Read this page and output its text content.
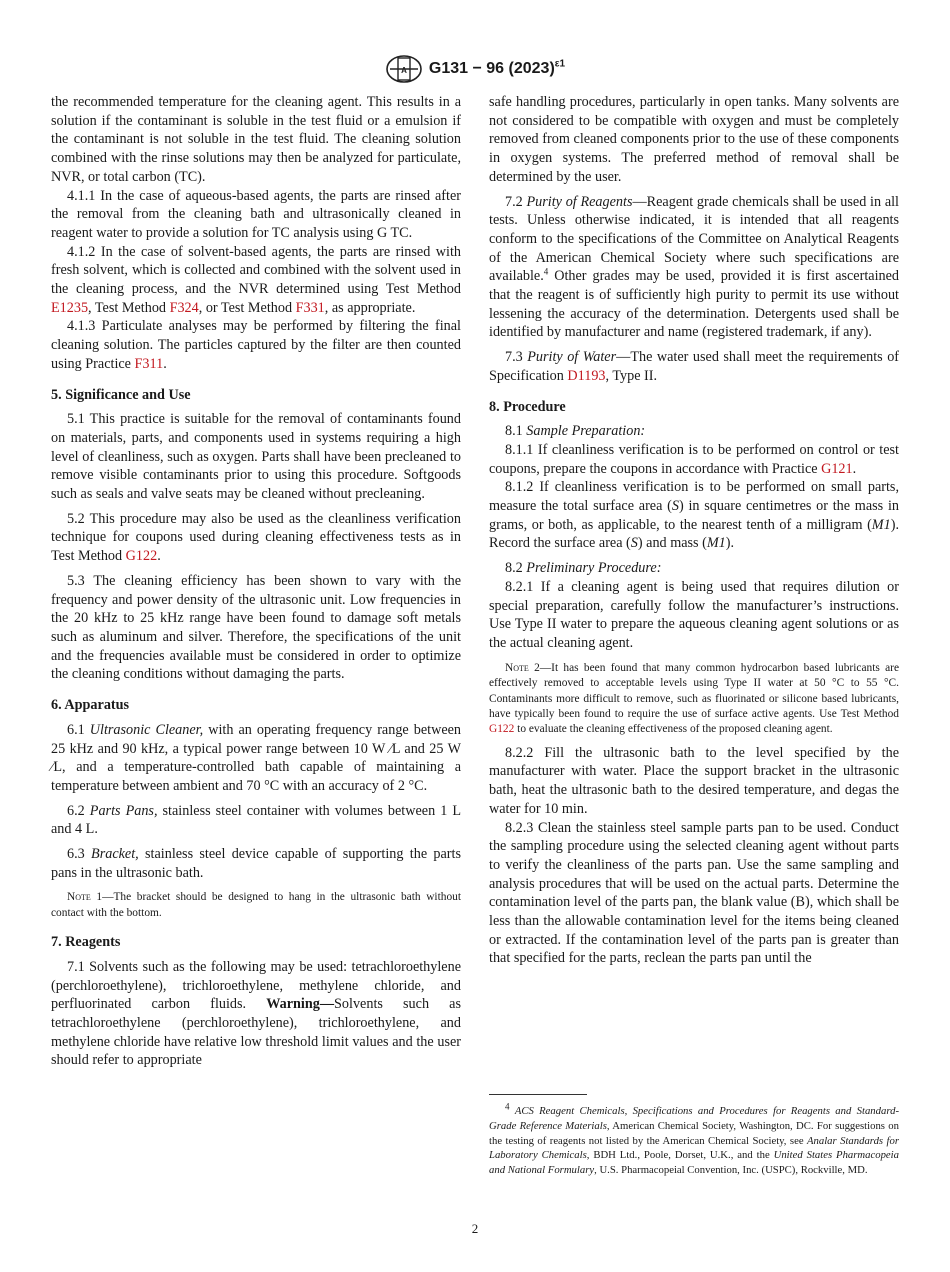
A G131 − 96 $(2023)^{\varepsilon 1}$

the recommended temperature for the cleaning agent. This results in a solution if the contaminant is soluble in the test fluid or a emulsion if the contaminant is not soluble in the test fluid. The cleaning solution combined with the rinse solutions may then be analyzed for particulate, NVR, or total carbon (TC).

4.1.1 In the case of aqueous-based agents, the parts are rinsed after the removal from the cleaning bath and ultrasonically cleaned in reagent water to provide a solution for TC analysis using G TC.

4.1.2 In the case of solvent-based agents, the parts are rinsed with fresh solvent, which is collected and combined with the solvent used in the cleaning process, and the NVR determined using Test Method E1235, Test Method F324, or Test Method F331, as appropriate.

4.1.3 Particulate analyses may be performed by filtering the final cleaning solution. The particles captured by the filter are then counted using Practice F311.

5. Significance and Use

5.1 This practice is suitable for the removal of contaminants found on materials, parts, and components used in systems requiring a high level of cleanliness, such as oxygen. Parts shall have been precleaned to remove visible contaminants prior to using this procedure. Softgoods such as seals and valve seats may be cleaned without precleaning.

5.2 This procedure may also be used as the cleanliness verification technique for coupons used during cleaning effectiveness tests as in Test Method G122.

5.3 The cleaning efficiency has been shown to vary with the frequency and power density of the ultrasonic unit. Low frequencies in the 20 kHz to 25 kHz range have been found to damage soft metals such as aluminum and silver. Therefore, the specifications of the unit and the frequencies available must be considered in order to optimize the cleaning conditions without damaging the parts.

6. Apparatus

6.1 Ultrasonic Cleaner, with an operating frequency range between 25 kHz and 90 kHz, a typical power range between 10 W ⁄L and 25 W ⁄L, and a temperature-controlled bath capable of maintaining a temperature between ambient and 70 °C with an accuracy of 2 °C.

6.2 Parts Pans, stainless steel container with volumes between 1 L and 4 L.

6.3 Bracket, stainless steel device capable of supporting the parts pans in the ultrasonic bath.

Note 1—The bracket should be designed to hang in the ultrasonic bath without contact with the bottom.

7. Reagents

7.1 Solvents such as the following may be used: tetrachloroethylene (perchloroethylene), trichloroethylene, methylene chloride, and perfluorinated carbon fluids. Warning—Solvents such as tetrachloroethylene (perchloroethylene), trichloroethylene, and methylene chloride have relative low threshold limit values and the user should refer to appropriate

safe handling procedures, particularly in open tanks. Many solvents are not considered to be compatible with oxygen and must be completely removed from cleaned components prior to the use of these components in oxygen systems. The preferred method of removal shall be determined by the user.

7.2 Purity of Reagents—Reagent grade chemicals shall be used in all tests. Unless otherwise indicated, it is intended that all reagents conform to the specifications of the Committee on Analytical Reagents of the American Chemical Society where such specifications are available.$^4$ Other grades may be used, provided it is first ascertained that the reagent is of sufficiently high purity to permit its use without lessening the accuracy of the determination. Detergents used shall be identified by manufacturer and name (registered trademark, if any).

7.3 Purity of Water—The water used shall meet the requirements of Specification D1193, Type II.

8. Procedure

8.1 Sample Preparation:

8.1.1 If cleanliness verification is to be performed on control or test coupons, prepare the coupons in accordance with Practice G121.

8.1.2 If cleanliness verification is to be performed on small parts, measure the total surface area (S) in square centimetres or the mass in grams, or both, as applicable, to the nearest tenth of a milligram (M1). Record the surface area (S) and mass (M1).

8.2 Preliminary Procedure:

8.2.1 If a cleaning agent is being used that requires dilution or special preparation, carefully follow the manufacturer’s instructions. Use Type II water to prepare the aqueous cleaning agent solutions or as the actual cleaning agent.

Note 2—It has been found that many common hydrocarbon based lubricants are effectively removed to acceptable levels using Type II water at 50 °C to 55 °C. Contaminants more difficult to remove, such as fluorinated or silicone based lubricants, have typically been found to require the use of surface active agents. Use Test Method G122 to evaluate the cleaning effectiveness of the proposed cleaning agent.

8.2.2 Fill the ultrasonic bath to the level specified by the manufacturer with water. Place the support bracket in the ultrasonic bath, heat the ultrasonic bath to the desired temperature, and degas the water for 10 min.

8.2.3 Clean the stainless steel sample parts pan to be used. Conduct the sampling procedure using the selected cleaning agent without parts to verify the cleanliness of the parts pan. Use the same sampling and analysis procedures that will be used on the actual parts. Determine the contamination level of the parts pan, the blank value (B), which shall be less than the allowable contamination level for the items being cleaned or extracted. If the contamination level of the parts pan is greater than that specified for the parts, reclean the parts pan until the

$^4$ ACS Reagent Chemicals, Specifications and Procedures for Reagents and Standard-Grade Reference Materials, American Chemical Society, Washington, DC. For suggestions on the testing of reagents not listed by the American Chemical Society, see Analar Standards for Laboratory Chemicals, BDH Ltd., Poole, Dorset, U.K., and the United States Pharmacopeia and National Formulary, U.S. Pharmacopeial Convention, Inc. (USPC), Rockville, MD.

2
